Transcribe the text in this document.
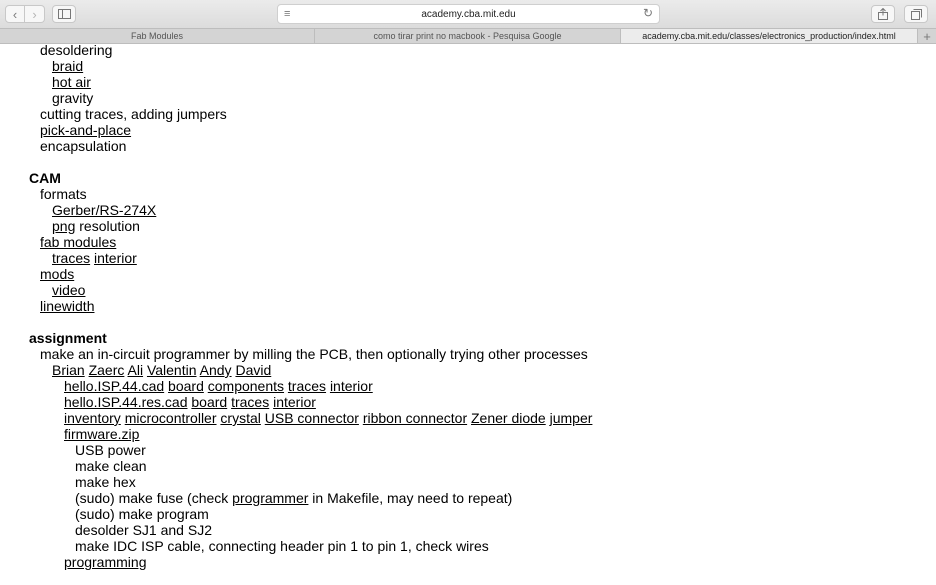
‹ ›	≡	academy.cba.mit.edu	↻
Fab Modules	como tirar print no macbook - Pesquisa Google	academy.cba.mit.edu/classes/electronics_production/index.html	+
desoldering
braid
hot air
gravity
cutting traces, adding jumpers
pick-and-place
encapsulation
CAM
formats
Gerber/RS-274X
png resolution
fab modules
traces interior
mods
video
linewidth
assignment
make an in-circuit programmer by milling the PCB, then optionally trying other processes
Brian Zaerc Ali Valentin Andy David
hello.ISP.44.cad board components traces interior
hello.ISP.44.res.cad board traces interior
inventory microcontroller crystal USB connector ribbon connector Zener diode jumper
firmware.zip
USB power
make clean
make hex
(sudo) make fuse (check programmer in Makefile, may need to repeat)
(sudo) make program
desolder SJ1 and SJ2
make IDC ISP cable, connecting header pin 1 to pin 1, check wires
programming
